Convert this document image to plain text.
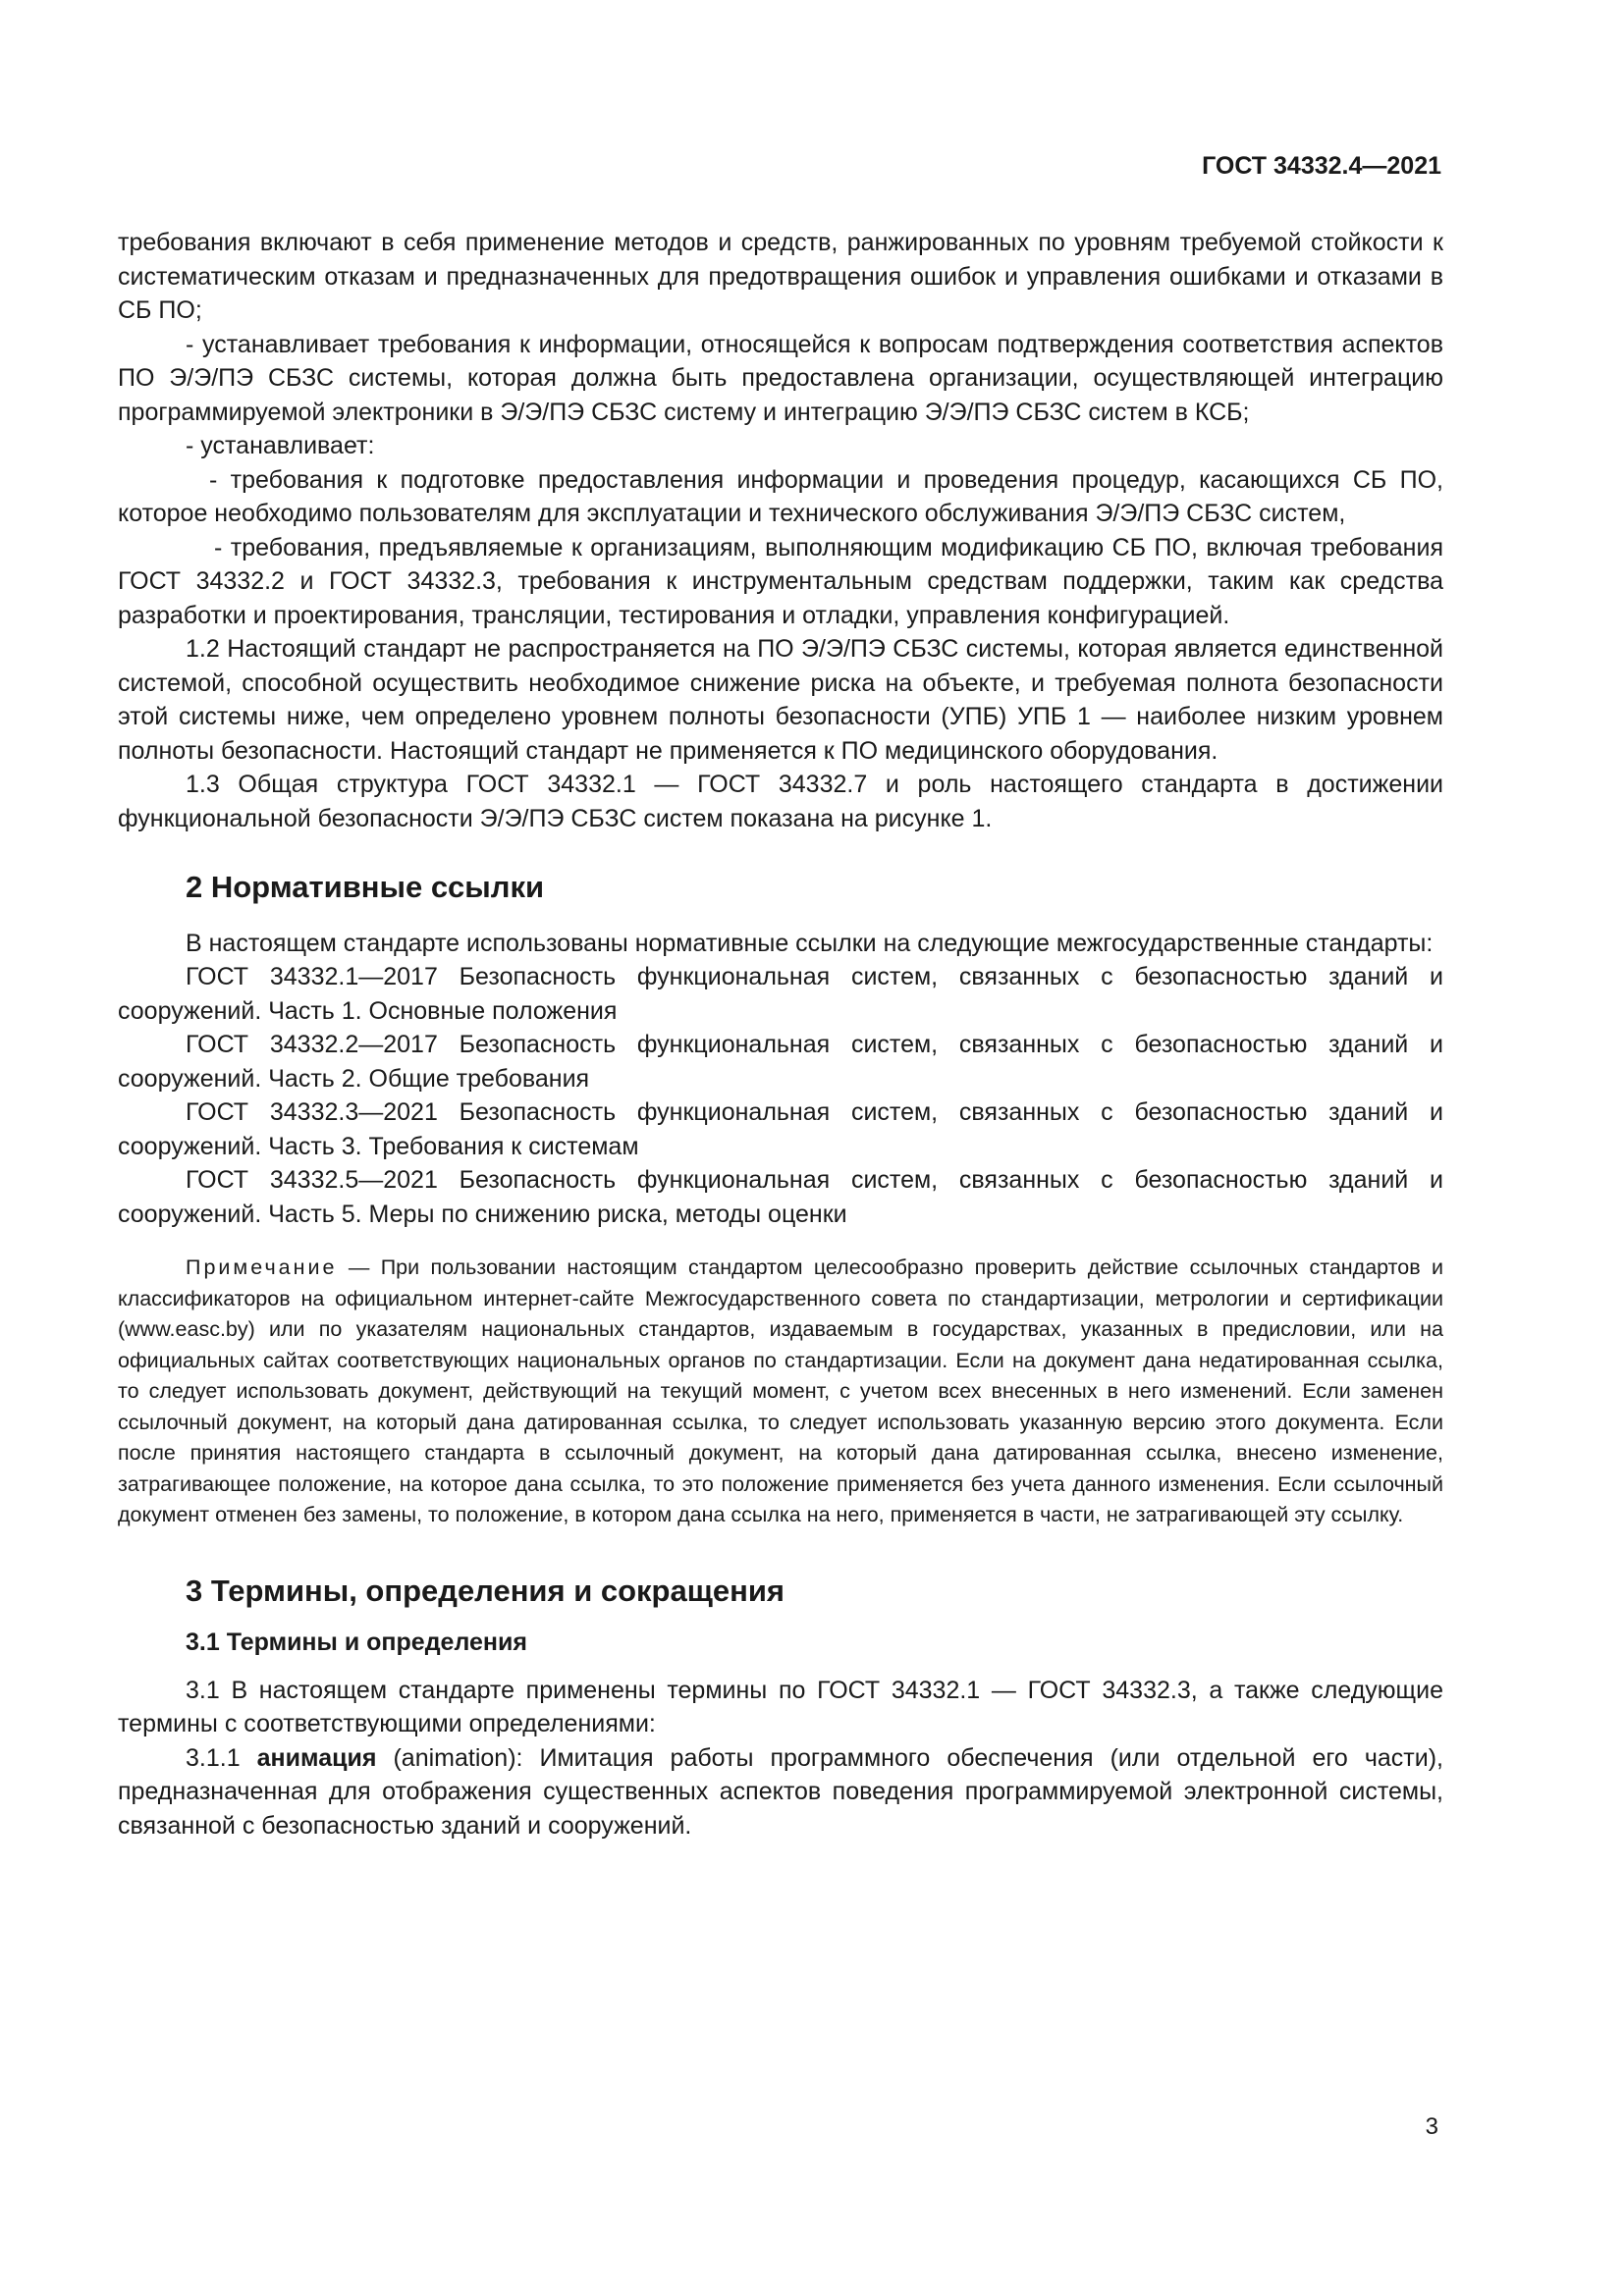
ГОСТ 34332.4—2021

требования включают в себя применение методов и средств, ранжированных по уровням требуемой стойкости к систематическим отказам и предназначенных для предотвращения ошибок и управления ошибками и отказами в СБ ПО;

- устанавливает требования к информации, относящейся к вопросам подтверждения соответствия аспектов ПО Э/Э/ПЭ СБЗС системы, которая должна быть предоставлена организации, осуществляющей интеграцию программируемой электроники в Э/Э/ПЭ СБЗС систему и интеграцию Э/Э/ПЭ СБЗС систем в КСБ;

- устанавливает:

- требования к подготовке предоставления информации и проведения процедур, касающихся СБ ПО, которое необходимо пользователям для эксплуатации и технического обслуживания Э/Э/ПЭ СБЗС систем,

- требования, предъявляемые к организациям, выполняющим модификацию СБ ПО, включая требования ГОСТ 34332.2 и ГОСТ 34332.3, требования к инструментальным средствам поддержки, таким как средства разработки и проектирования, трансляции, тестирования и отладки, управления конфигурацией.

1.2 Настоящий стандарт не распространяется на ПО Э/Э/ПЭ СБЗС системы, которая является единственной системой, способной осуществить необходимое снижение риска на объекте, и требуемая полнота безопасности этой системы ниже, чем определено уровнем полноты безопасности (УПБ) УПБ 1 — наиболее низким уровнем полноты безопасности. Настоящий стандарт не применяется к ПО медицинского оборудования.

1.3 Общая структура ГОСТ 34332.1 — ГОСТ 34332.7 и роль настоящего стандарта в достижении функциональной безопасности Э/Э/ПЭ СБЗС систем показана на рисунке 1.

2 Нормативные ссылки

В настоящем стандарте использованы нормативные ссылки на следующие межгосударственные стандарты:

ГОСТ 34332.1—2017 Безопасность функциональная систем, связанных с безопасностью зданий и сооружений. Часть 1. Основные положения

ГОСТ 34332.2—2017 Безопасность функциональная систем, связанных с безопасностью зданий и сооружений. Часть 2. Общие требования

ГОСТ 34332.3—2021 Безопасность функциональная систем, связанных с безопасностью зданий и сооружений. Часть 3. Требования к системам

ГОСТ 34332.5—2021 Безопасность функциональная систем, связанных с безопасностью зданий и сооружений. Часть 5. Меры по снижению риска, методы оценки

Примечание — При пользовании настоящим стандартом целесообразно проверить действие ссылочных стандартов и классификаторов на официальном интернет-сайте Межгосударственного совета по стандартизации, метрологии и сертификации (www.easc.by) или по указателям национальных стандартов, издаваемым в государствах, указанных в предисловии, или на официальных сайтах соответствующих национальных органов по стандартизации. Если на документ дана недатированная ссылка, то следует использовать документ, действующий на текущий момент, с учетом всех внесенных в него изменений. Если заменен ссылочный документ, на который дана датированная ссылка, то следует использовать указанную версию этого документа. Если после принятия настоящего стандарта в ссылочный документ, на который дана датированная ссылка, внесено изменение, затрагивающее положение, на которое дана ссылка, то это положение применяется без учета данного изменения. Если ссылочный документ отменен без замены, то положение, в котором дана ссылка на него, применяется в части, не затрагивающей эту ссылку.

3 Термины, определения и сокращения
3.1 Термины и определения

3.1 В настоящем стандарте применены термины по ГОСТ 34332.1 — ГОСТ 34332.3, а также следующие термины с соответствующими определениями:

3.1.1 анимация (animation): Имитация работы программного обеспечения (или отдельной его части), предназначенная для отображения существенных аспектов поведения программируемой электронной системы, связанной с безопасностью зданий и сооружений.

3
